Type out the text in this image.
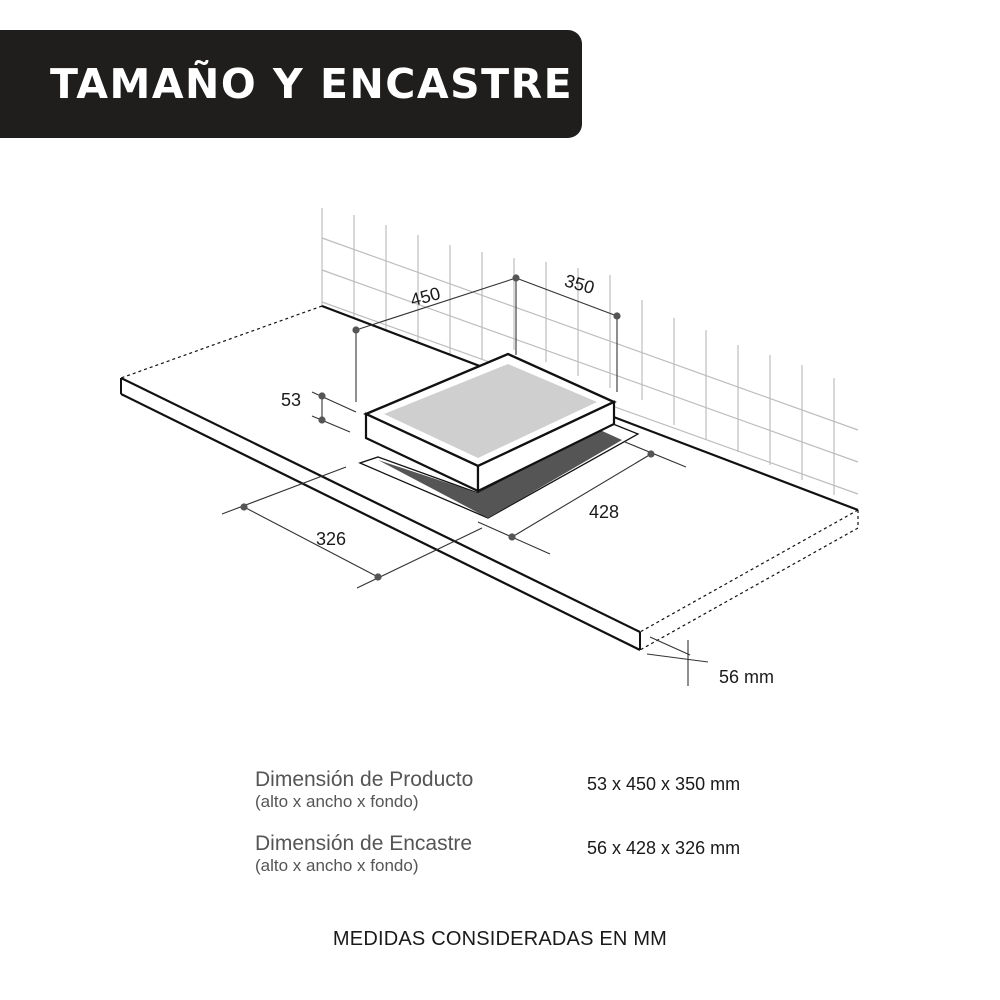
TAMAÑO Y ENCASTRE
450	350
53
428
326
56 mm
Dimensión de Producto
(alto x ancho x fondo)
53 x 450 x 350 mm
Dimensión de Encastre
(alto x ancho x fondo)
56 x 428 x 326 mm
MEDIDAS CONSIDERADAS EN MM
